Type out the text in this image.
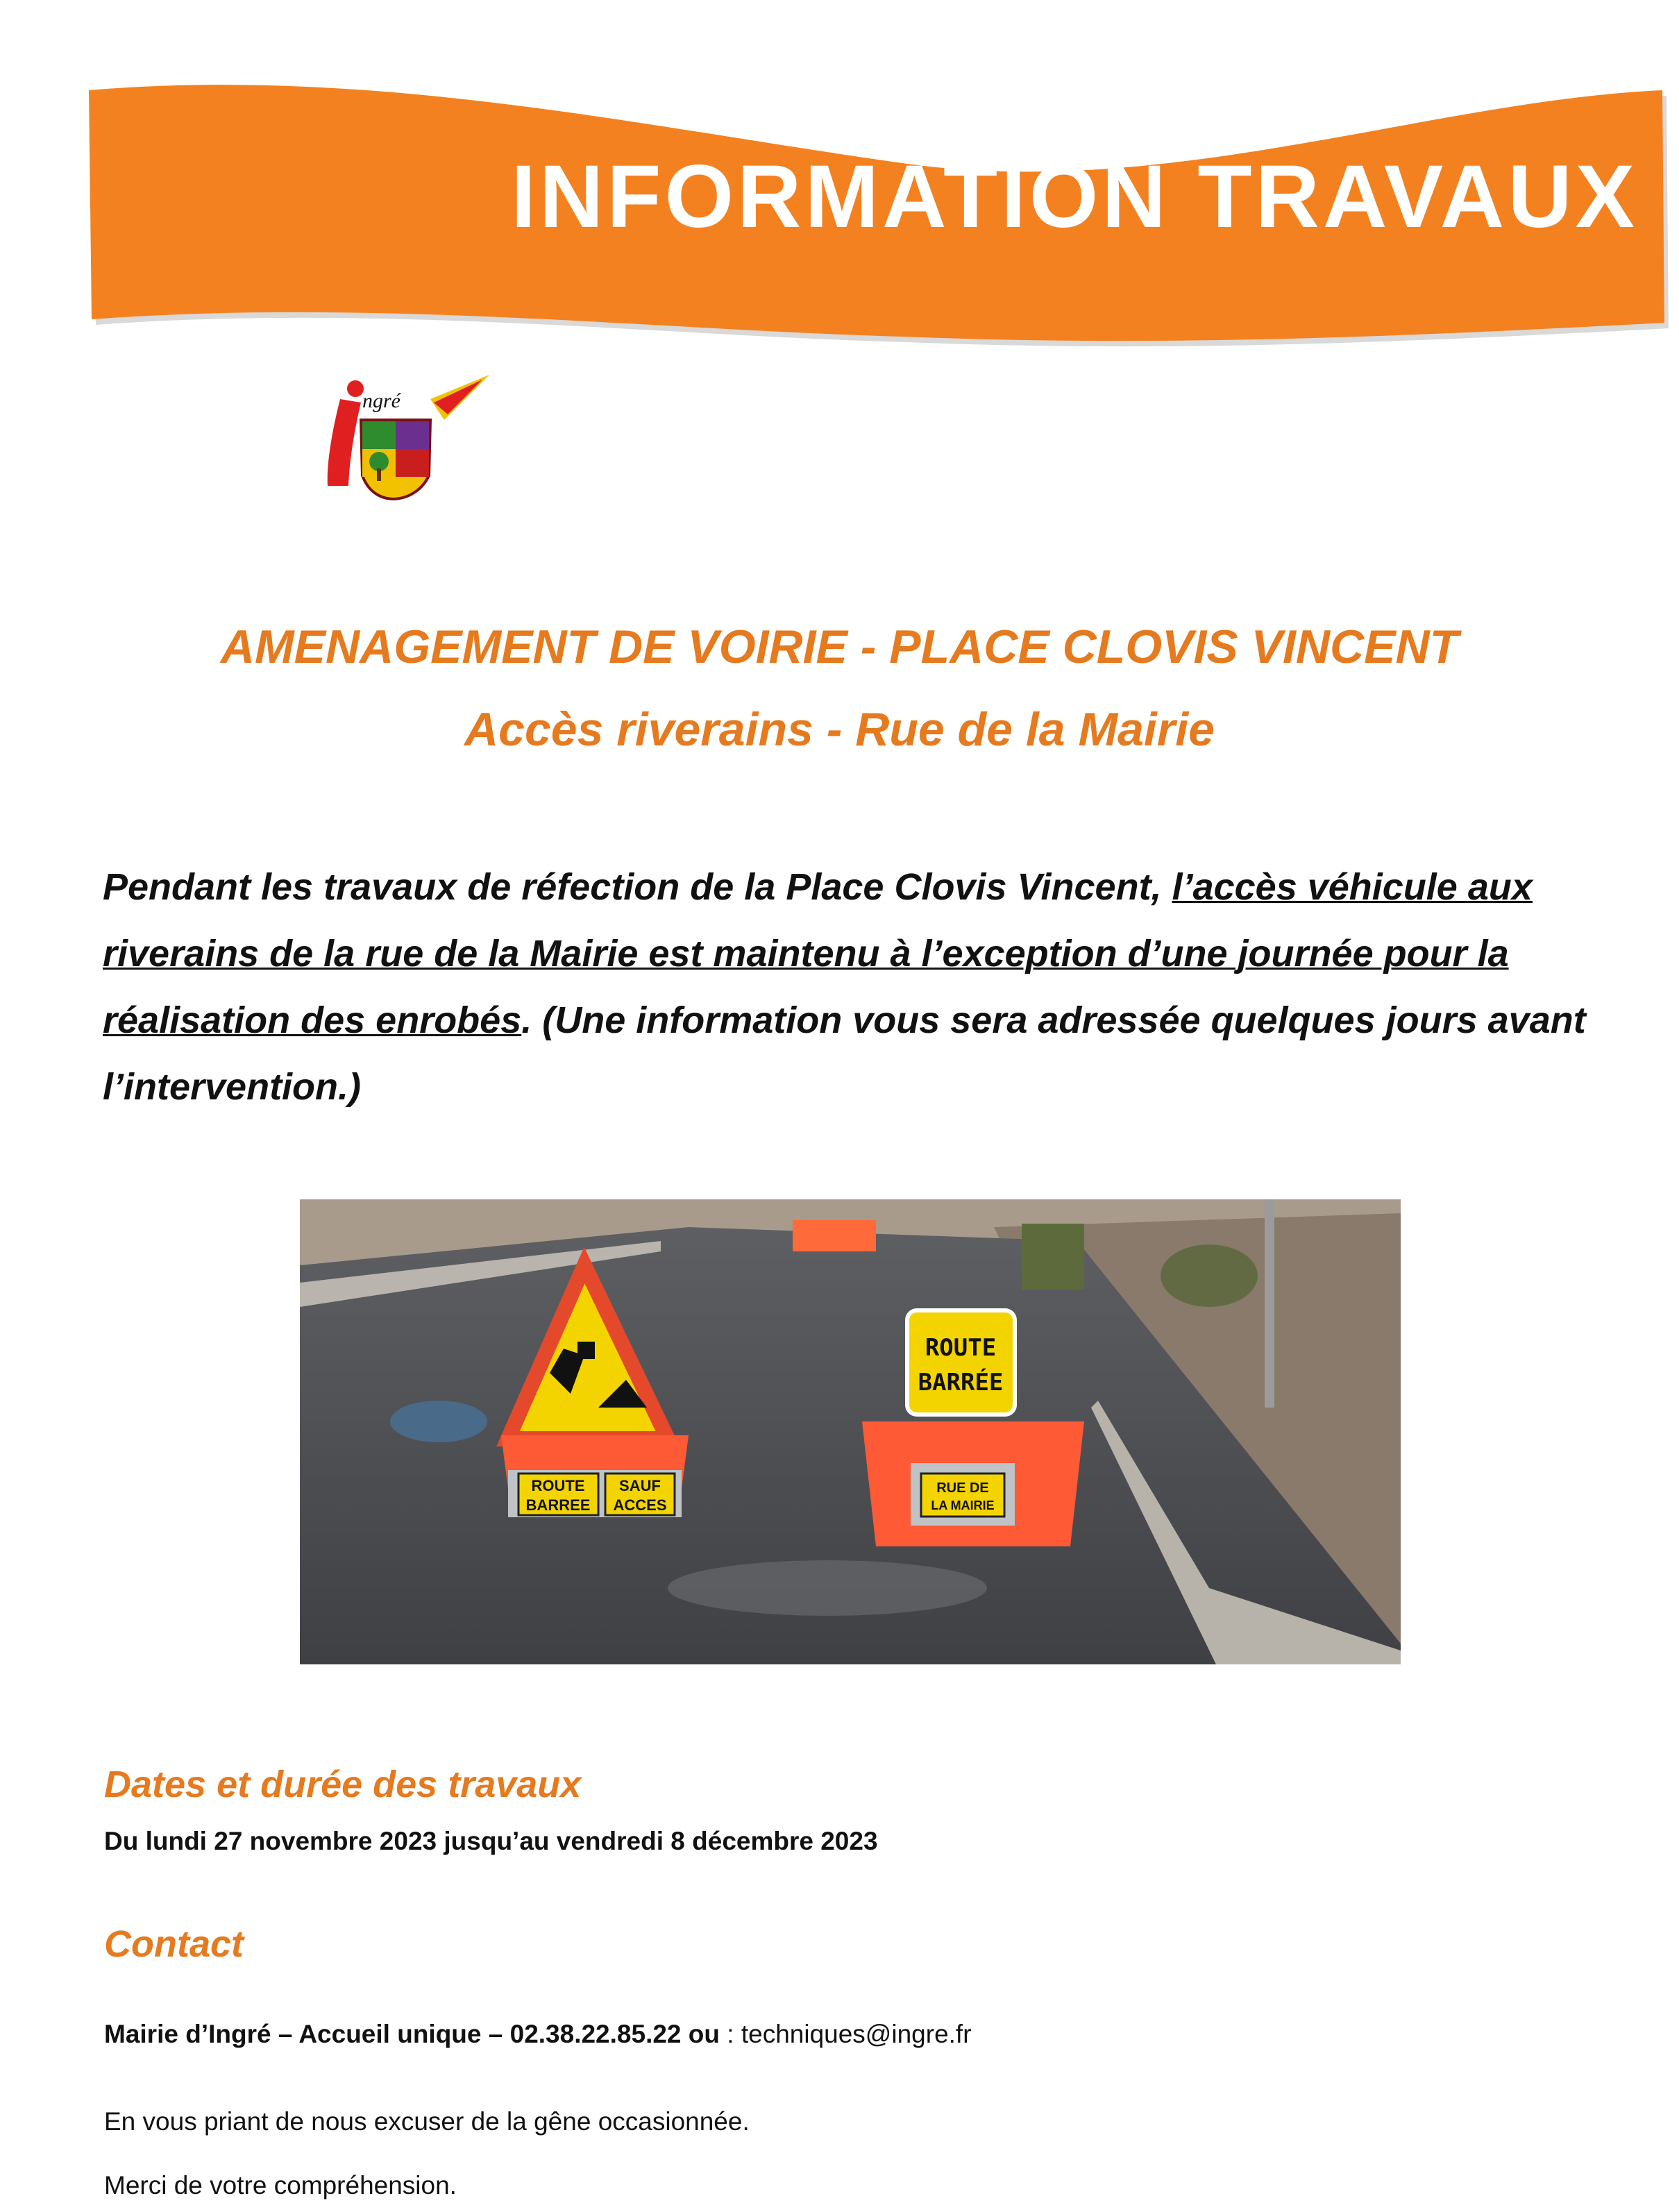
INFORMATION TRAVAUX
ngré
AMENAGEMENT DE VOIRIE - PLACE CLOVIS VINCENT
Accès riverains - Rue de la Mairie
Pendant les travaux de réfection de la Place Clovis Vincent, l’accès véhicule aux riverains de la rue de la Mairie est maintenu à l’exception d’une journée pour la réalisation des enrobés. (Une information vous sera adressée quelques jours avant l’intervention.)
ROUTE
BARREE
SAUF
ACCES
ROUTE
BARRÉE
RUE DE
LA MAIRIE
Dates et durée des travaux
Du lundi 27 novembre 2023 jusqu’au vendredi 8 décembre 2023
Contact
Mairie d’Ingré – Accueil unique – 02.38.22.85.22 ou : techniques@ingre.fr
En vous priant de nous excuser de la gêne occasionnée.
Merci de votre compréhension.
